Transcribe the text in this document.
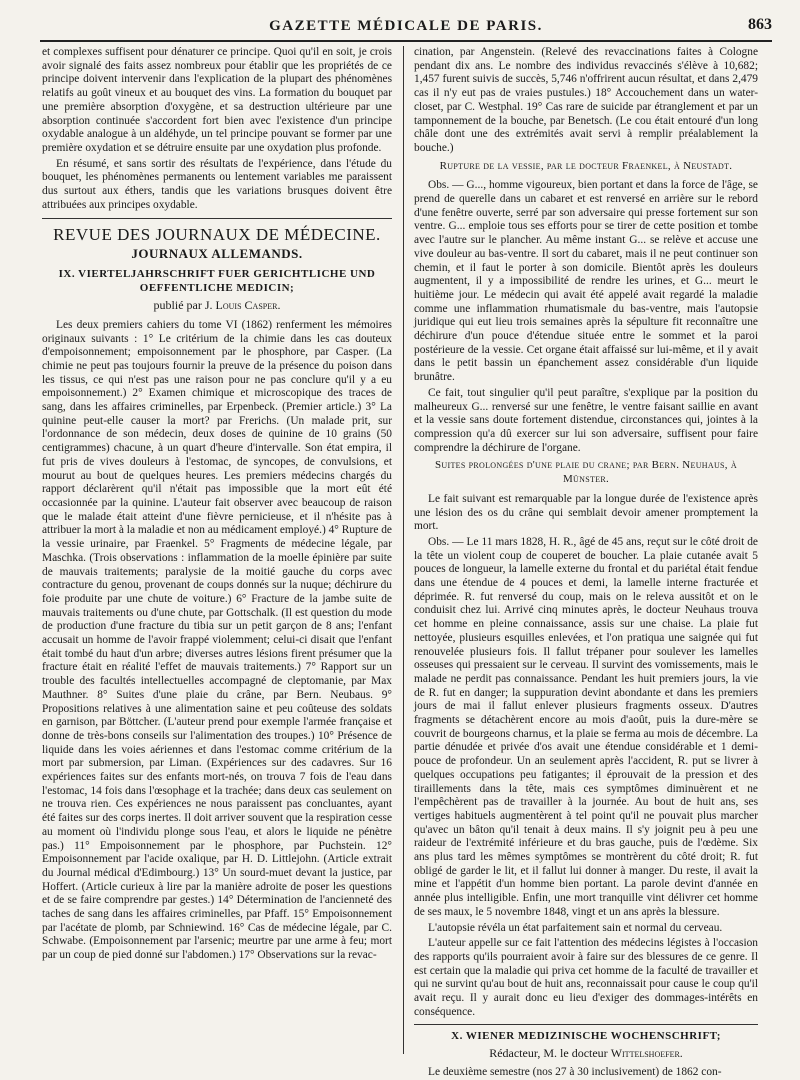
GAZETTE MÉDICALE DE PARIS.	863

et complexes suffisent pour dénaturer ce principe. Quoi qu'il en soit, je crois avoir signalé des faits assez nombreux pour établir que les propriétés de ce principe doivent intervenir dans l'explication de la plupart des phénomènes relatifs au goût vineux et au bouquet des vins. La formation du bouquet par une première absorption d'oxygène, et sa destruction ultérieure par une absorption continuée s'accordent fort bien avec l'existence d'un principe oxydable analogue à un aldéhyde, un tel principe pouvant se former par une première oxydation et se détruire ensuite par une oxydation plus profonde.

En résumé, et sans sortir des résultats de l'expérience, dans l'étude du bouquet, les phénomènes permanents ou lentement variables me paraissent dus surtout aux éthers, tandis que les variations brusques doivent être attribuées aux principes oxydable.

REVUE DES JOURNAUX DE MÉDECINE.
JOURNAUX ALLEMANDS.
IX. VIERTELJAHRSCHRIFT FUER GERICHTLICHE UND
OEFFENTLICHE MEDICIN;
publié par J. Louis Casper.

Les deux premiers cahiers du tome VI (1862) renferment les mémoires originaux suivants : 1° Le critérium de la chimie dans les cas douteux d'empoisonnement; empoisonnement par le phosphore, par Casper. (La chimie ne peut pas toujours fournir la preuve de la présence du poison dans les tissus, ce qui n'est pas une raison pour ne pas conclure qu'il y a eu empoisonnement.) 2° Examen chimique et microscopique des traces de sang, dans les affaires criminelles, par Erpenbeck. (Premier article.) 3° La quinine peut-elle causer la mort? par Frerichs. (Un malade prit, sur l'ordonnance de son médecin, deux doses de quinine de 10 grains (50 centigrammes) chacune, à un quart d'heure d'intervalle. Son état empira, il fut pris de vives douleurs à l'estomac, de syncopes, de convulsions, et mourut au bout de quelques heures. Les premiers médecins chargés du rapport déclarèrent qu'il n'était pas impossible que la mort eût été occasionnée par la quinine. L'auteur fait observer avec beaucoup de raison que le malade était atteint d'une fièvre pernicieuse, et il n'hésite pas à attribuer la mort à la maladie et non au médicament employé.) 4° Rupture de la vessie urinaire, par Fraenkel. 5° Fragments de médecine légale, par Maschka. (Trois observations : inflammation de la moelle épinière par suite de mauvais traitements; paralysie de la moitié gauche du corps avec contracture du genou, provenant de coups donnés sur la nuque; déchirure du foie produite par une chute de voiture.) 6° Fracture de la jambe suite de mauvais traitements ou d'une chute, par Gottschalk. (Il est question du mode de production d'une fracture du tibia sur un petit garçon de 8 ans; l'enfant accusait un homme de l'avoir frappé violemment; celui-ci disait que l'enfant était tombé du haut d'un arbre; diverses autres lésions firent présumer que la fracture était en réalité l'effet de mauvais traitements.) 7° Rapport sur un trouble des facultés intellectuelles accompagné de cleptomanie, par Max Mauthner. 8° Suites d'une plaie du crâne, par Bern. Neubaus. 9° Propositions relatives à une alimentation saine et peu coûteuse des soldats en garnison, par Böttcher. (L'auteur prend pour exemple l'armée française et donne de très-bons conseils sur l'alimentation des troupes.) 10° Présence de liquide dans les voies aériennes et dans l'estomac comme critérium de la mort par submersion, par Liman. (Expériences sur des cadavres. Sur 16 expériences faites sur des enfants mort-nés, on trouva 7 fois de l'eau dans l'estomac, 14 fois dans l'œsophage et la trachée; dans deux cas seulement on ne trouva rien. Ces expériences ne nous paraissent pas concluantes, ayant été faites sur des corps inertes. Il doit arriver souvent que la respiration cesse au moment où l'individu plonge sous l'eau, et alors le liquide ne pénètre pas.) 11° Empoisonnement par le phosphore, par Puchstein. 12° Empoisonnement par l'acide oxalique, par H. D. Littlejohn. (Article extrait du Journal médical d'Edimbourg.) 13° Un sourd-muet devant la justice, par Hoffert. (Article curieux à lire par la manière adroite de poser les questions et de se faire comprendre par gestes.) 14° Détermination de l'ancienneté des taches de sang dans les affaires criminelles, par Pfaff. 15° Empoisonnement par l'acétate de plomb, par Schniewind. 16° Cas de médecine légale, par C. Schwabe. (Empoisonnement par l'arsenic; meurtre par une arme à feu; mort par un coup de pied donné sur l'abdomen.) 17° Observations sur la revac-

cination, par Angenstein. (Relevé des revaccinations faites à Cologne pendant dix ans. Le nombre des individus revaccinés s'élève à 10,682; 1,457 furent suivis de succès, 5,746 n'offrirent aucun résultat, et dans 2,479 cas il n'y eut pas de vraies pustules.) 18° Accouchement dans un water-closet, par C. Westphal. 19° Cas rare de suicide par étranglement et par un tamponnement de la bouche, par Benetsch. (Le cou était entouré d'un long châle dont une des extrémités avait servi à remplir préalablement la bouche.)

Rupture de la vessie, par le docteur Fraenkel, à Neustadt.

Obs. — G..., homme vigoureux, bien portant et dans la force de l'âge, se prend de querelle dans un cabaret et est renversé en arrière sur le rebord d'une fenêtre ouverte, serré par son adversaire qui presse fortement sur son ventre. G... emploie tous ses efforts pour se tirer de cette position et tombe avec l'autre sur le plancher. Au même instant G... se relève et accuse une vive douleur au bas-ventre. Il sort du cabaret, mais il ne peut continuer son chemin, et il faut le porter à son domicile. Bientôt après les douleurs augmentent, il y a impossibilité de rendre les urines, et G... meurt le huitième jour. Le médecin qui avait été appelé avait regardé la maladie comme une inflammation rhumatismale du bas-ventre, mais l'autopsie juridique qui eut lieu trois semaines après la sépulture fit reconnaître une déchirure d'un pouce d'étendue située entre le sommet et la paroi postérieure de la vessie. Cet organe était affaissé sur lui-même, et il y avait dans le petit bassin un épanchement assez considérable d'un liquide brunâtre.

Ce fait, tout singulier qu'il peut paraître, s'explique par la position du malheureux G... renversé sur une fenêtre, le ventre faisant saillie en avant et la vessie sans doute fortement distendue, circonstances qui, jointes à la compression qu'a dû exercer sur lui son adversaire, suffisent pour faire comprendre la déchirure de l'organe.

Suites prolongées d'une plaie du crane; par Bern. Neuhaus, à Münster.

Le fait suivant est remarquable par la longue durée de l'existence après une lésion des os du crâne qui semblait devoir amener promptement la mort.

Obs. — Le 11 mars 1828, H. R., âgé de 45 ans, reçut sur le côté droit de la tête un violent coup de couperet de boucher. La plaie cutanée avait 5 pouces de longueur, la lamelle externe du frontal et du pariétal était fendue dans une étendue de 4 pouces et demi, la lamelle interne fracturée et déprimée. R. fut renversé du coup, mais on le releva aussitôt et on le conduisit chez lui. Arrivé cinq minutes après, le docteur Neuhaus trouva cet homme en pleine connaissance, assis sur une chaise. La plaie fut nettoyée, plusieurs esquilles enlevées, et l'on pratiqua une saignée qui fut renouvelée plusieurs fois. Il fallut trépaner pour soulever les lamelles osseuses qui pressaient sur le cerveau. Il survint des vomissements, mais le malade ne perdit pas connaissance. Pendant les huit premiers jours, la vie de R. fut en danger; la suppuration devint abondante et dans les premiers jours de mai il fallut enlever plusieurs fragments osseux. D'autres fragments se détachèrent encore au mois d'août, puis la dure-mère se couvrit de bourgeons charnus, et la plaie se ferma au mois de décembre. La partie dénudée et privée d'os avait une étendue considérable et 1 demi-pouce de profondeur. Un an seulement après l'accident, R. put se livrer à quelques occupations peu fatigantes; il éprouvait de la pression et des tiraillements dans la tête, mais ces symptômes diminuèrent et ne l'empêchèrent pas de travailler à la journée. Au bout de huit ans, ses vertiges habituels augmentèrent à tel point qu'il ne pouvait plus marcher qu'avec un bâton qu'il tenait à deux mains. Il s'y joignit peu à peu une raideur de l'extrémité inférieure et du bras gauche, puis de l'œdème. Six ans plus tard les mêmes symptômes se montrèrent du côté droit; R. fut obligé de garder le lit, et il fallut lui donner à manger. Du reste, il avait la mine et l'appétit d'un homme bien portant. La parole devint d'année en année plus intelligible. Enfin, une mort tranquille vint délivrer cet homme de ses maux, le 5 novembre 1848, vingt et un ans après la blessure.

L'autopsie révéla un état parfaitement sain et normal du cerveau.

L'auteur appelle sur ce fait l'attention des médecins légistes à l'occasion des rapports qu'ils pourraient avoir à faire sur des blessures de ce genre. Il est certain que la maladie qui priva cet homme de la faculté de travailler et qui ne survint qu'au bout de huit ans, reconnaissait pour cause le coup qu'il avait reçu. Il y aurait donc eu lieu d'exiger des dommages-intérêts en conséquence.

X. WIENER MEDIZINISCHE WOCHENSCHRIFT;
Rédacteur, M. le docteur Wittelshoefer.

Le deuxième semestre (nos 27 à 30 inclusivement) de 1862 con-
